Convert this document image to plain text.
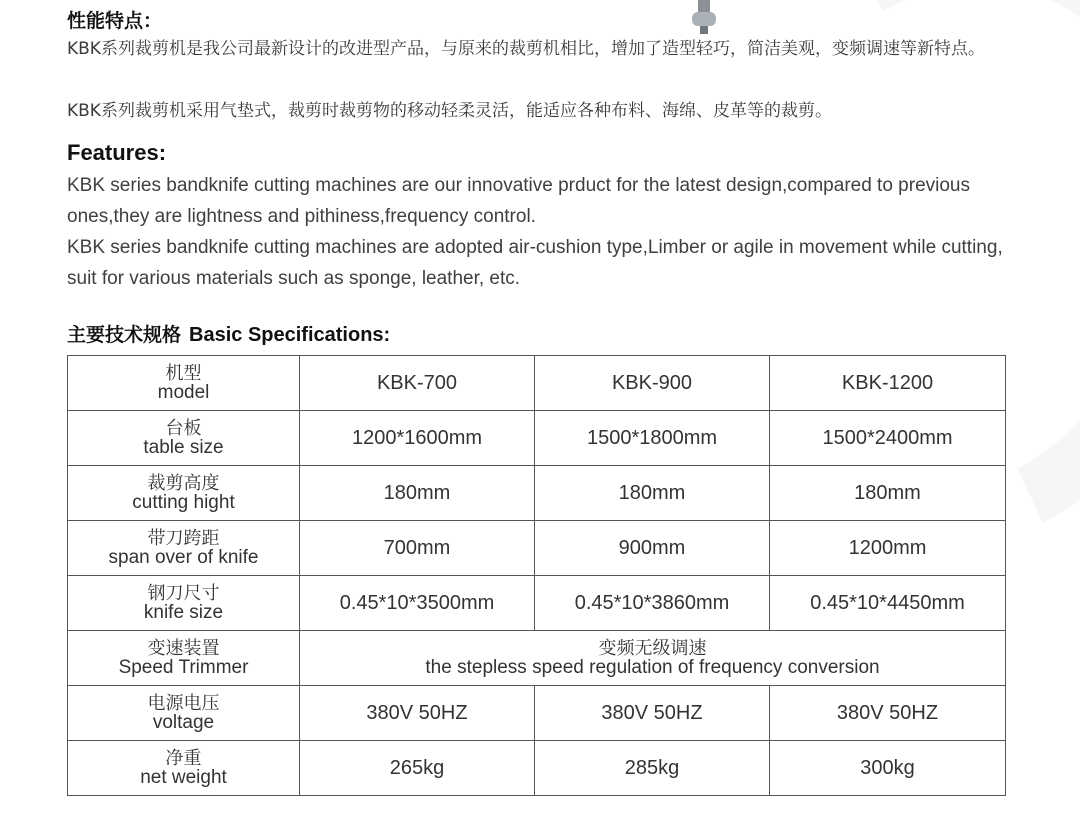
性能特点：

KBK系列裁剪机是我公司最新设计的改进型产品，与原来的裁剪机相比，增加了造型轻巧，简洁美观，变频调速等新特点。

KBK系列裁剪机采用气垫式，裁剪时裁剪物的移动轻柔灵活，能适应各种布料、海绵、皮革等的裁剪。

Features:

KBK series bandknife cutting machines are our innovative prduct for the latest design,compared to previous ones,they are lightness and pithiness,frequency control.

KBK series bandknife cutting machines are adopted air-cushion type,Limber or agile in movement while cutting, suit for various materials such as sponge, leather, etc.

主要技术规格 Basic Specifications:
机型
model	KBK-700	KBK-900	KBK-1200

台板
table size	1200*1600mm	1500*1800mm	1500*2400mm

裁剪高度
cutting hight	180mm	180mm	180mm

带刀跨距
span over of knife	700mm	900mm	1200mm

钢刀尺寸
knife size	0.45*10*3500mm	0.45*10*3860mm	0.45*10*4450mm

变速装置
Speed Trimmer	变频无级调速
the stepless speed regulation of frequency conversion		

电源电压
voltage	380V 50HZ	380V 50HZ	380V 50HZ

净重
net weight	265kg	285kg	300kg
